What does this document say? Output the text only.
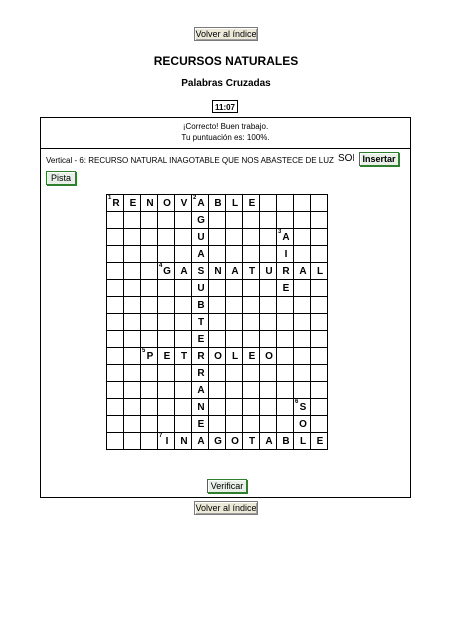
Volver al índice
RECURSOS NATURALES
Palabras Cruzadas
11:07
¡Correcto! Buen trabajo.
Tu puntuación es: 100%.
Vertical - 6: RECURSO NATURAL INAGOTABLE QUE NOS ABASTECE DE LUZ
SOL	Insertar
Pista
Verificar
1 R	E	N	O	V	2 A	B	L	E				

					G							

					U					3 A		

					A					I		

			4 G	A	S	N	A	T	U	R	A	L

					U					E		

					B							

					T							

					E							

		5 P	E	T	R	O	L	E	O			

					R							

					A							

					N						6 S	

					E						O	

			7 I	N	A	G	O	T	A	B	L	E
Volver al índice
